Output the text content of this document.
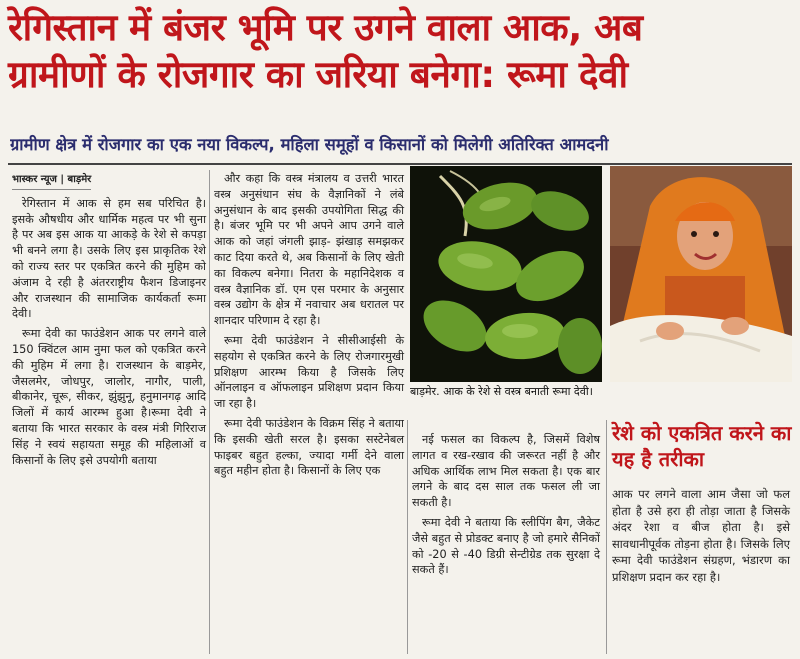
रेगिस्तान में बंजर भूमि पर उगने वाला आक, अब
ग्रामीणों के रोजगार का जरिया बनेगा: रूमा देवी
ग्रामीण क्षेत्र में रोजगार का एक नया विकल्प, महिला समूहों व किसानों को मिलेगी अतिरिक्त आमदनी
भास्कर न्यूज | बाड़मेर

रेगिस्तान में आक से हम सब परिचित है। इसके औषधीय और धार्मिक महत्व पर भी सुना है पर अब इस आक या आकड़े के रेशे से कपड़ा भी बनने लगा है। उसके लिए इस प्राकृतिक रेशे को राज्य स्तर पर एकत्रित करने की मुहिम को अंजाम दे रही है अंतरराष्ट्रीय फैशन डिजाइनर और राजस्थान की सामाजिक कार्यकर्ता रूमा देवी।

रूमा देवी का फाउंडेशन आक पर लगने वाले 150 क्विंटल आम नुमा फल को एकत्रित करने की मुहिम में लगा है। राजस्थान के बाड़मेर, जैसलमेर, जोधपुर, जालोर, नागौर, पाली, बीकानेर, चूरू, सीकर, झुंझुनू, हनुमानगढ़ आदि जिलों में कार्य आरम्भ हुआ है।रूमा देवी ने बताया कि भारत सरकार के वस्त्र मंत्री गिरिराज सिंह ने स्वयं सहायता समूह की महिलाओं व किसानों के लिए इसे उपयोगी बताया

और कहा कि वस्त्र मंत्रालय व उत्तरी भारत वस्त्र अनुसंधान संघ के वैज्ञानिकों ने लंबे अनुसंधान के बाद इसकी उपयोगिता सिद्ध की है। बंजर भूमि पर भी अपने आप उगने वाले आक को जहां जंगली झाड़- झंखाड़ समझकर काट दिया करते थे, अब किसानों के लिए खेती का विकल्प बनेगा। नितरा के महानिदेशक व वस्त्र वैज्ञानिक डॉ. एम एस परमार के अनुसार वस्त्र उद्योग के क्षेत्र में नवाचार अब धरातल पर शानदार परिणाम दे रहा है।

रूमा देवी फाउंडेशन ने सीसीआईसी के सहयोग से एकत्रित करने के लिए रोजगारमुखी प्रशिक्षण आरम्भ किया है जिसके लिए ऑनलाइन व ऑफलाइन प्रशिक्षण प्रदान किया जा रहा है।

रूमा देवी फाउंडेशन के विक्रम सिंह ने बताया कि इसकी खेती सरल है। इसका सस्टेनेबल फाइबर बहुत हल्का, ज्यादा गर्मी देने वाला बहुत महीन होता है। किसानों के लिए एक

बाड़मेर. आक के रेशे से वस्त्र बनाती रूमा देवी।

नई फसल का विकल्प है, जिसमें विशेष लागत व रख-रखाव की जरूरत नहीं है और अधिक आर्थिक लाभ मिल सकता है। एक बार लगने के बाद दस साल तक फसल ली जा सकती है।

रूमा देवी ने बताया कि स्लीपिंग बैग, जैकेट जैसे बहुत से प्रोडक्ट बनाए है जो हमारे सैनिकों को -20 से -40 डिग्री सेन्टीग्रेड तक सुरक्षा दे सकते हैं।

रेशे को एकत्रित करने का यह है तरीका

आक पर लगने वाला आम जैसा जो फल होता है उसे हरा ही तोड़ा जाता है जिसके अंदर रेशा व बीज होता है। इसे सावधानीपूर्वक तोड़ना होता है। जिसके लिए रूमा देवी फाउंडेशन संग्रहण, भंडारण का प्रशिक्षण प्रदान कर रहा है।
